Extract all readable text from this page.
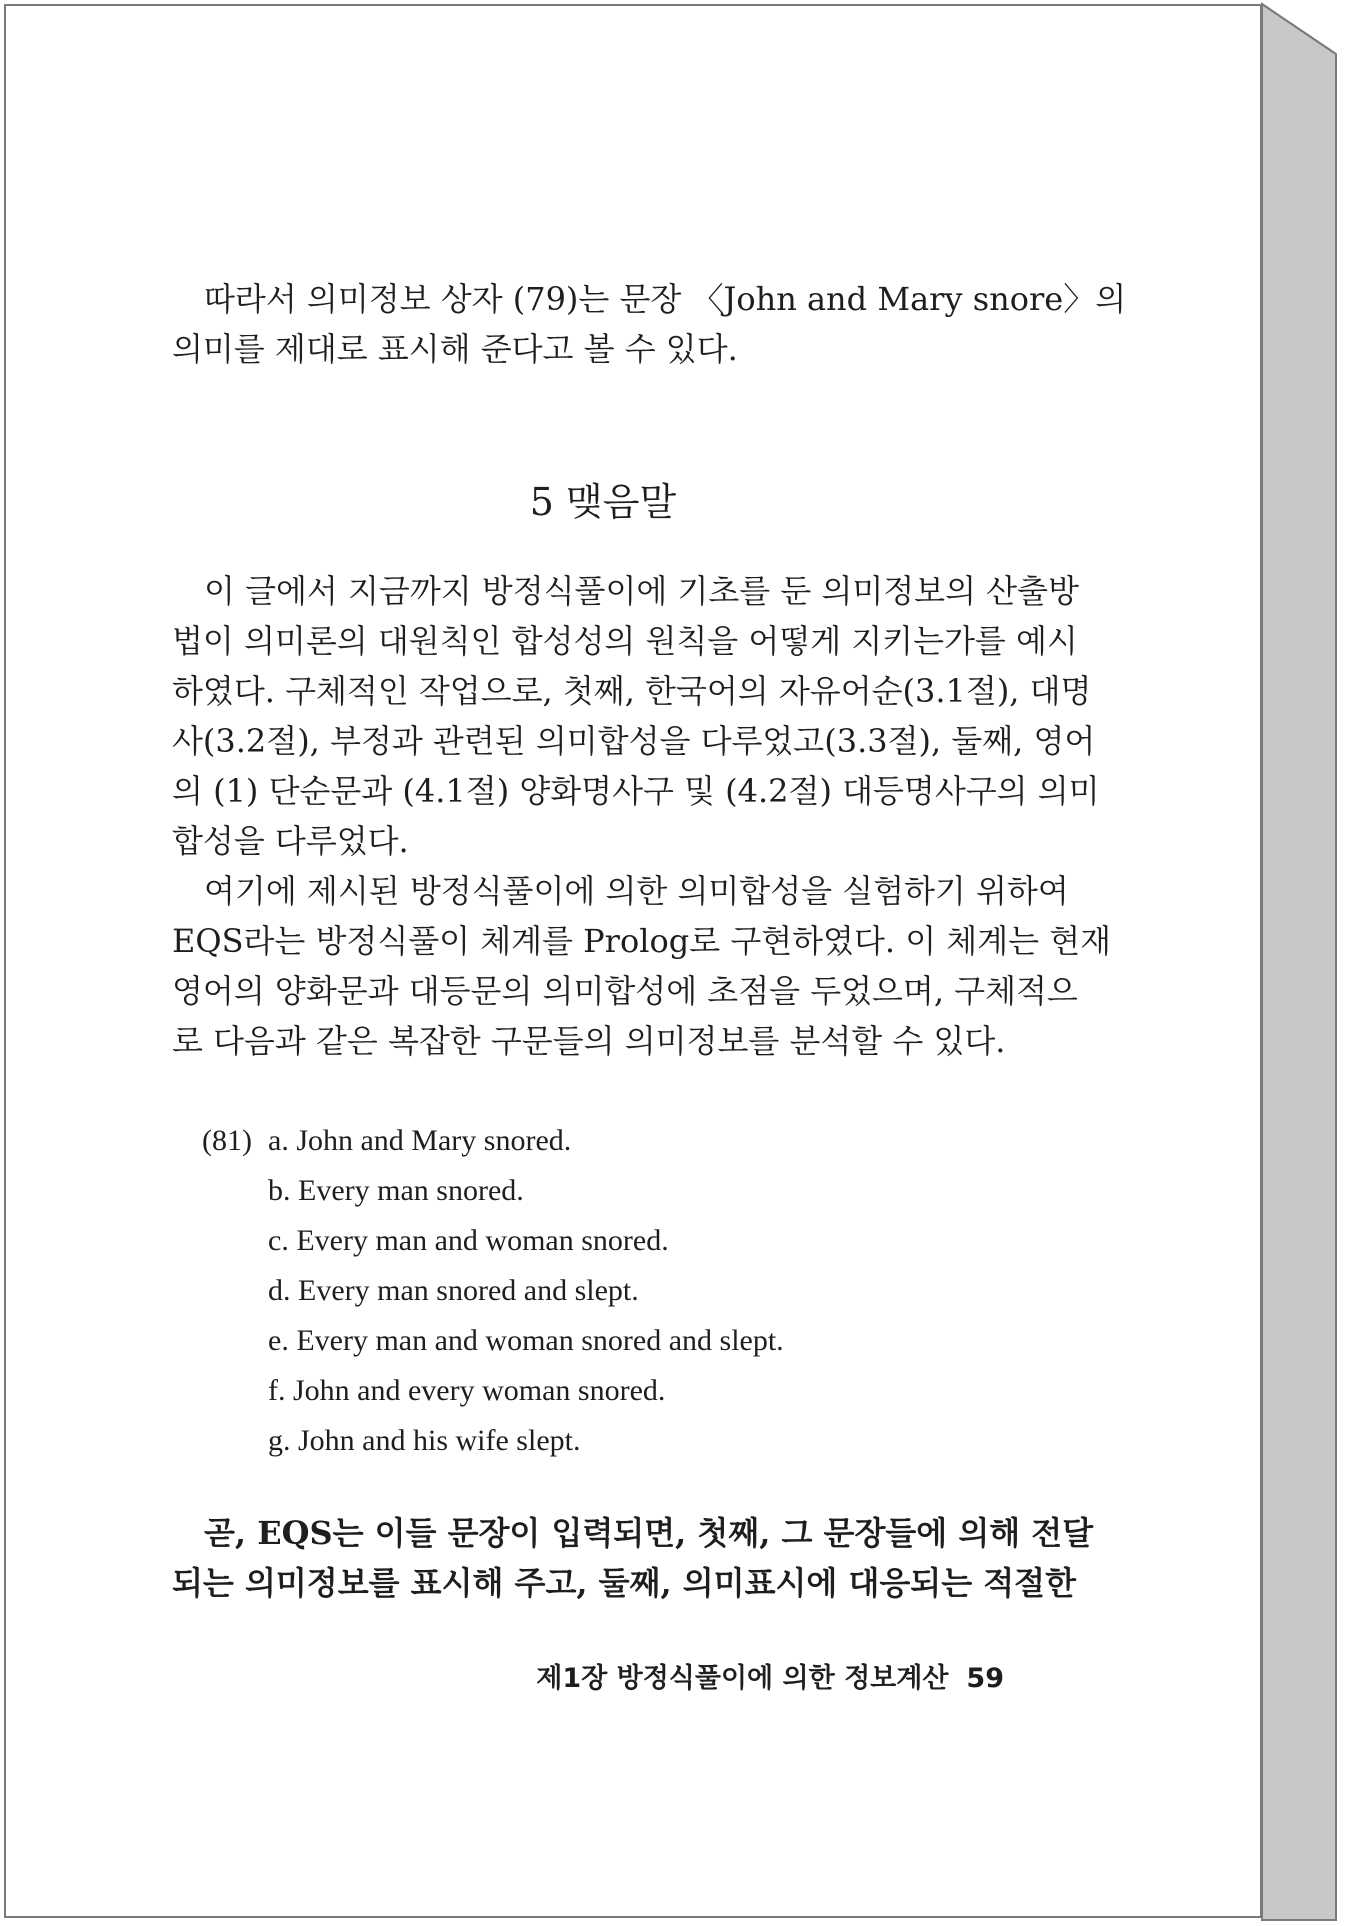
따라서 의미정보 상자 (79)는 문장 〈John and Mary snore〉의
의미를 제대로 표시해 준다고 볼 수 있다.

5 맺음말

이 글에서 지금까지 방정식풀이에 기초를 둔 의미정보의 산출방
법이 의미론의 대원칙인 합성성의 원칙을 어떻게 지키는가를 예시
하였다. 구체적인 작업으로, 첫째, 한국어의 자유어순(3.1절), 대명
사(3.2절), 부정과 관련된 의미합성을 다루었고(3.3절), 둘째, 영어
의 (1) 단순문과 (4.1절) 양화명사구 및 (4.2절) 대등명사구의 의미
합성을 다루었다.

여기에 제시된 방정식풀이에 의한 의미합성을 실험하기 위하여
EQS라는 방정식풀이 체계를 Prolog로 구현하였다. 이 체계는 현재
영어의 양화문과 대등문의 의미합성에 초점을 두었으며, 구체적으
로 다음과 같은 복잡한 구문들의 의미정보를 분석할 수 있다.

(81) a. John and Mary snored.
b. Every man snored.
c. Every man and woman snored.
d. Every man snored and slept.
e. Every man and woman snored and slept.
f. John and every woman snored.
g. John and his wife slept.

곧, EQS는 이들 문장이 입력되면, 첫째, 그 문장들에 의해 전달
되는 의미정보를 표시해 주고, 둘째, 의미표시에 대응되는 적절한

제1장 방정식풀이에 의한 정보계산 59
